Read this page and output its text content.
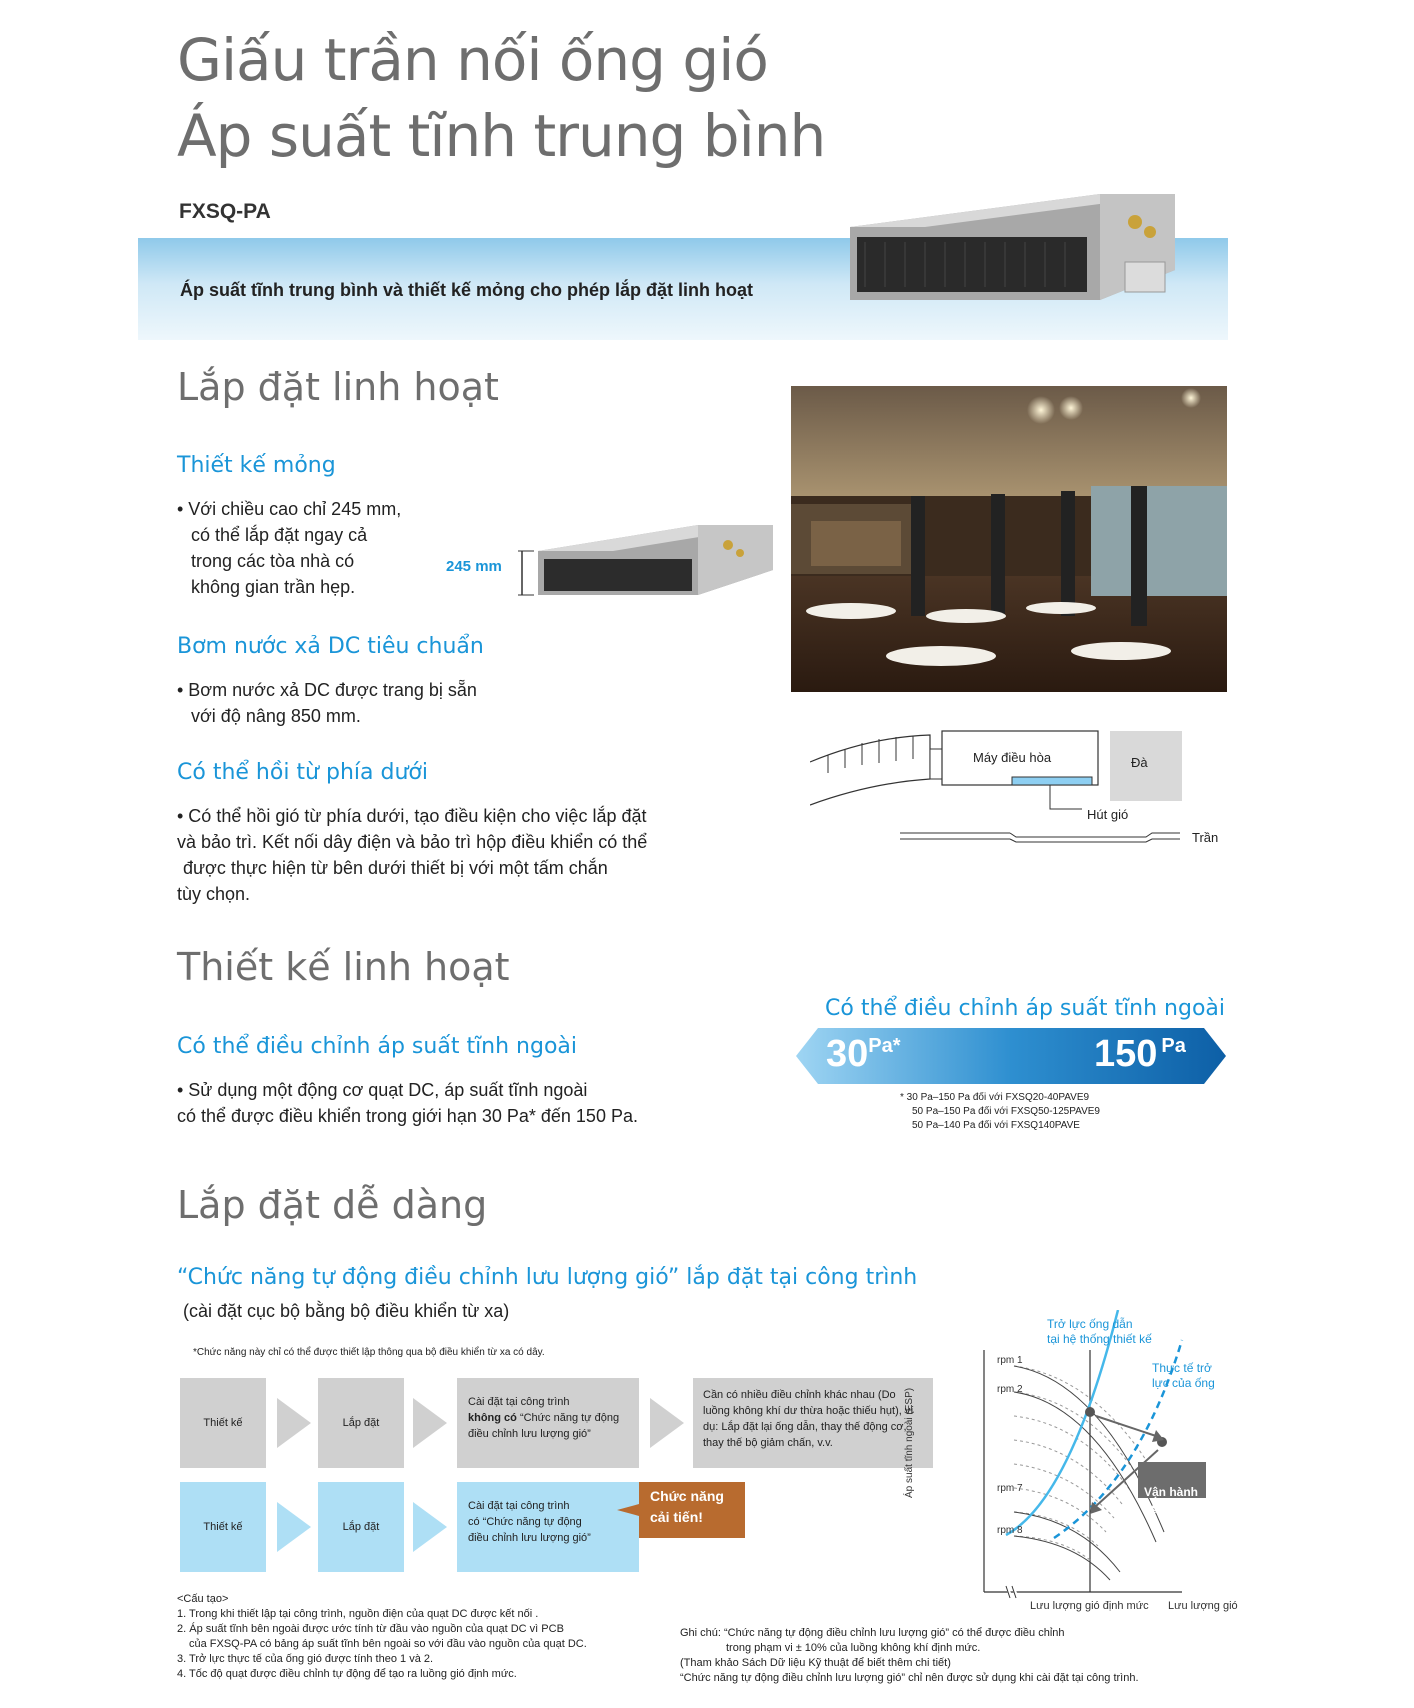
Giấu trần nối ống gió
Áp suất tĩnh trung bình
FXSQ-PA
Áp suất tĩnh trung bình và thiết kế mỏng cho phép lắp đặt linh hoạt
Lắp đặt linh hoạt
Thiết kế mỏng
• Với chiều cao chỉ 245 mm,
có thể lắp đặt ngay cả
trong các tòa nhà có
không gian trần hẹp.
245 mm
Bơm nước xả DC tiêu chuẩn
• Bơm nước xả DC được trang bị sẵn
với độ nâng 850 mm.
Có thể hồi từ phía dưới
• Có thể hồi gió từ phía dưới, tạo điều kiện cho việc lắp đặt
và bảo trì. Kết nối dây điện và bảo trì hộp điều khiển có thể
được thực hiện từ bên dưới thiết bị với một tấm chắn
tùy chọn.
Máy điều hòa	Đà
Hút gió
Trần
Thiết kế linh hoạt
Có thể điều chỉnh áp suất tĩnh ngoài
• Sử dụng một động cơ quạt DC, áp suất tĩnh ngoài
có thể được điều khiển trong giới hạn 30 Pa* đến 150 Pa.
Có thể điều chỉnh áp suất tĩnh ngoài
30Pa*	150 Pa
* 30 Pa–150 Pa đối với FXSQ20-40PAVE9
50 Pa–150 Pa đối với FXSQ50-125PAVE9
50 Pa–140 Pa đối với FXSQ140PAVE
Lắp đặt dễ dàng
“Chức năng tự động điều chỉnh lưu lượng gió” lắp đặt tại công trình
(cài đặt cục bộ bằng bộ điều khiển từ xa)
*Chức năng này chỉ có thể được thiết lập thông qua bộ điều khiển từ xa có dây.
Thiết kế	Lắp đặt
Cài đặt tại công trình
không có “Chức năng tự động
điều chỉnh lưu lượng gió”
Cần có nhiều điều chỉnh khác nhau (Do
luồng không khí dư thừa hoặc thiếu hụt), ví
dụ: Lắp đặt lại ống dẫn, thay thế động cơ,
thay thế bộ giảm chấn, v.v.
Thiết kế	Lắp đặt
Cài đặt tại công trình
có “Chức năng tự động
điều chỉnh lưu lượng gió”
Chức năng
cải tiến!
<Cấu tạo>
1. Trong khi thiết lập tại công trình, nguồn điện của quạt DC được kết nối .
2. Áp suất tĩnh bên ngoài được ước tính từ đầu vào nguồn của quạt DC vì PCB
của FXSQ-PA có bảng áp suất tĩnh bên ngoài so với đầu vào nguồn của quạt DC.
3. Trở lực thực tế của ống gió được tính theo 1 và 2.
4. Tốc độ quạt được điều chỉnh tự động để tạo ra luồng gió định mức.
Ghi chú: “Chức năng tự động điều chỉnh lưu lượng gió” có thể được điều chỉnh
trong phạm vi ± 10% của luồng không khí định mức.
(Tham khảo Sách Dữ liệu Kỹ thuật để biết thêm chi tiết)
“Chức năng tự động điều chỉnh lưu lượng gió” chỉ nên được sử dụng khi cài đặt tại công trình.
Trở lực ống dẫn
tại hệ thống thiết kế
Thực tế trở
lực của ống
Vận hành
hệ thống
rpm 1
rpm 2
rpm 7
rpm 8
Áp suất tĩnh ngoài (ESP)
Lưu lượng gió định mức Lưu lượng gió
